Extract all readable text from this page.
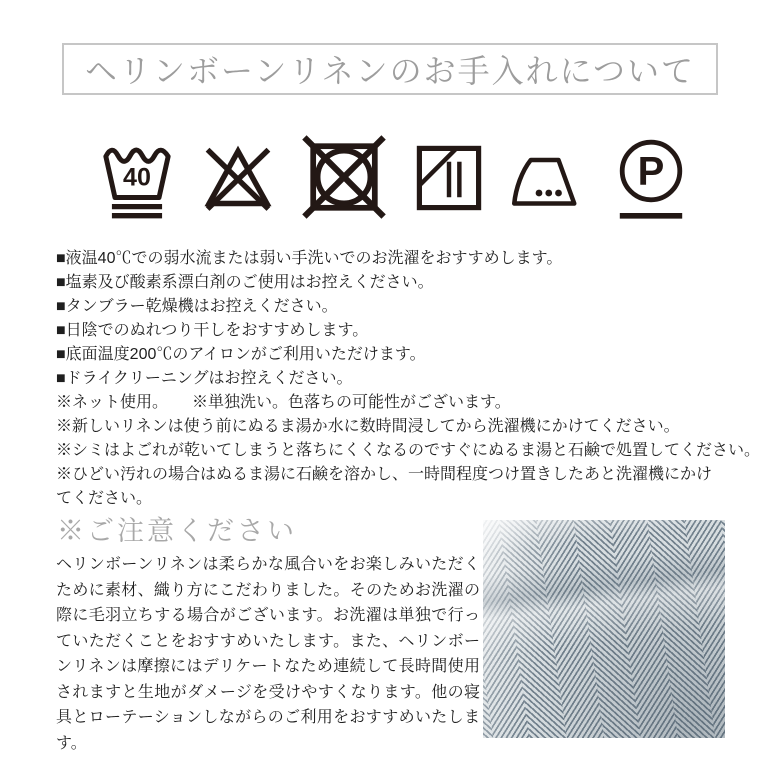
ヘリンボーンリネンのお手入れについて
40	P
■液温40℃での弱水流または弱い手洗いでのお洗濯をおすすめします。
■塩素及び酸素系漂白剤のご使用はお控えください。
■タンブラー乾燥機はお控えください。
■日陰でのぬれつり干しをおすすめします。
■底面温度200℃のアイロンがご利用いただけます。
■ドライクリーニングはお控えください。
※ネット使用。　　※単独洗い。色落ちの可能性がございます。
※新しいリネンは使う前にぬるま湯か水に数時間浸してから洗濯機にかけてください。
※シミはよごれが乾いてしまうと落ちにくくなるのですぐにぬるま湯と石鹸で処置してください。
※ひどい汚れの場合はぬるま湯に石鹸を溶かし、一時間程度つけ置きしたあと洗濯機にかけてください。
※ご注意ください
ヘリンボーンリネンは柔らかな風合いをお楽しみいただくために素材、織り方にこだわりました。そのためお洗濯の際に毛羽立ちする場合がございます。お洗濯は単独で行っていただくことをおすすめいたします。また、ヘリンボーンリネンは摩擦にはデリケートなため連続して長時間使用されますと生地がダメージを受けやすくなります。他の寝具とローテーションしながらのご利用をおすすめいたします。
